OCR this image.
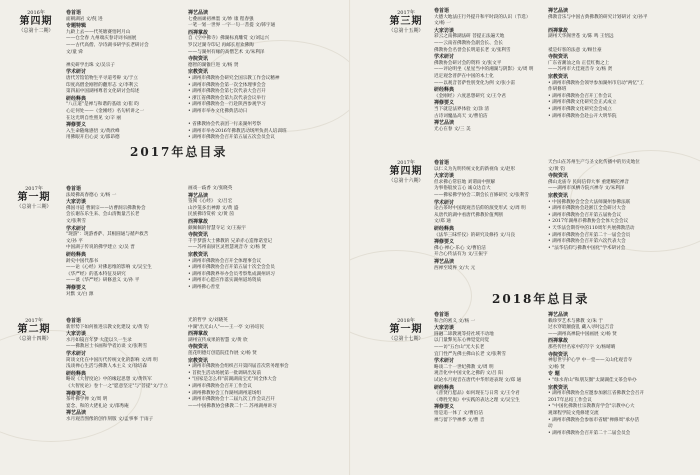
2016年
第四期
（总第十二期）
卷首语
面朝湖岩 文/倪 进
专题特辑
九龄上去——代英塘赛悟阿月山
——仓全春 九州端庆春诗词书画展
——古代高僧、孕诗湖书研学长老研讨会
文/童 舜

禅史研学出珠 文/吴宗子
学术研讨
唐代芳馆馆物生平寻道考辩 文/于立
印度高僧金刚智的翻形志 文/李利云
第四届中国湖州尊者文化研讨会综述
研经释典
"八正道"是禅与和谐的基础 文/崔 昀
心定何处——《金刚经》名句析讲之一
在这光明自性照见 文/辛 丽
禅修要义
入生命随缘感悟 文/黄欣峰
用佛眼开启心灵 文/邵昂德
禅艺品读
七叠画顽初禅墨 文/妙 康 程春强
一笔一划一世界 一字一句一菩提 文/韩宇通
西禅掌故
自《空中佛寺》佛湖标真雕赏 文/刘运兴
罗汉过湖寺印记 再邮长眉欢佛陶
——与湖州有缘的高僧艺术 文/朱利泽
寺院资讯
德智的湖锥巨进 文/杨 贤
宗教资讯
• 湖州市佛教协会研究全国宗教工作会议精神
• 湖州市佛教协会第一次全体理事会会
• 湖州市佛教协会第七次代表大会召开
• 浙江省佛教协会第九次代表会议举行
• 湖州市佛教协会一行赴陕西参观学习
• 湖州市举办文化佛典活动日

• 省佛教协会代表团一行来湖州考察
• 湖州市举办2016年佛教活动场所负责人培训班
• 湖州市佛教协会召开第五届五次会员会议
2017年总目录
2017年
第一期
（总第十三期）
卷首语
法境佛高春德心 文/杨 一
大家访谈
佛国寻道 曹洞宗——访曹洞宗佛教协会
会长谢东乐生来、会山清衡量吉长老
文/张利雪
学术研讨
"现游"：现游香萨、其根圆通与循声救苦
文/孙 平
中国湖子传说的佛学建立 文/吴 晋
研经释典
龄史中国代都书
——论《心经》对佛思维的影响 文/吴宝生
《华严经》的基本特征及研究
——谈《华严经》研修意义 文/孙 平
禅修要义
对默 文/白 源
画戏一歧香 文/张晓英
禅艺品读
签阅《心经》 文/吕宏
山沙笼多出神源 文/黄 盛
民族佛诗赏析 文/黄 茵
西禅掌故
颇佩佩的智慧寺记 文/王振宇
寺院资讯
千手梦游大士佛教的 兄弟赤心造像诺堂记
——苏州南厨区灵智慧观音寺 文/杨 贤
宗教资讯
• 湖州市佛教协会召开全体理事会议
• 湖州市佛教协会召开第五届十次全会会员
• 湖州市佛教界举办会员考察集成湖州讲习
• 湖州市心愿应作落实湖州道场资质
• 湖州佛心善堂
2017年
第二期
（总第十四期）
卷首语
新形势下如何推进宗教文化建设 文/黄 钧
大家访谈
水月如镜百年梦 大能以久一生录
——佛教居士书画和学者访谈 文/张利雪
学术研讨
简谈文化在中国历代传统文化的影响 文/周 明
浅谈禅心生活与佛教人本主义 文/徐培森
研经释典
略说《大智度论》中的缘起思想 文/黄铁军
《大智度论》卷十一之"愿意坚定"与"菩提"文/于立
禅修要义
茶叶佛学禅 文/周 明
宴念、和的大佬礼论 文/邵秀庵
禅艺品读
水月观音图像的创作刻版 文/孟事事 于雨子
光的哲学 文/刘晓英
中湖"出无山人"——王一亭 文/孙培民
西禅掌故
湖州宣传成果的智慧 文/黄 欣
寺院资讯
莲花明德灯创造院佳作展 文/杨 贤
宗教资讯
• 湖州市佛教协会组织召开第四届首次常务理事会
• 首批生活动场展第一批调研出发前
• "国家是怎么样"前湖湖南宝光"同全体大会
• 湖州市佛教协会召开工作会议
• 湖州佛教协会工作湖州湖州道场组
• 湖州市佛教协会十二届九次工作会议召开
——中国佛教协会佛教二十二 苏州湖州讲习
2017年
第三期
（总第十五期）
卷首语
大德大地法庄行外提升和平时段的认识（节选）
文/杨 一
大家访谈
彩云之南佛湖法研 菩提正法遍天地
——云南省佛教协会副会长、会长
佛教协会名誉会长明道长老 文/张利雪
学术研讨
佛教协会研讨会的资料 文/张文平
——评论明坐《星星当中的湘湖与阴影》文/周 明
迟定观念普萨在中国的本土化
——以观音菩萨性别变化为例 文/张小雷
研经释典
《金刚经》六度思想研究 文/王令君
禅修要义
当下就是法界体验 文/涂 清
古诗词魔晶高天 文/曹伯洁
禅艺品读
光心在春 文/三 美
禅艺品读
佛教音乐与中国古典佛教的研究计划研讨 文/孙平

西禅掌故
湖州天华阁世苍 文/陈 鸣 王悟远

祗是好客的法意 文/顾仕豪
寺院资讯
广东省潮汕之角 正佳红衡之上
——苏州市大佳观音寺 文/杨 贤
宗教资讯
• 湖州市佛教协会领导参加湖州市启动"两忆"工
作研修班
• 湖州市佛教协会召开工作会议
• 湖州市佛教文化研究会正式成立
• 湖州市佛教文化研究会会成立
• 湖州市佛教协会赴公开大明华院
2017年
第四期
（总第十六期）
卷首语
以仁义为先明传统文化的新视角 文/赵彤
大家访谈
但求佛心常驻地 刘谓雨中照解
为事俗般放言心 诚众达自大
——佛家佛学协会二期会长百修研究 文/张利雪
学术研讨
论古茶时中国现观音信仰的演变形式 文/周 明
从唐代的湖中看唐代佛教价值判断
文/郑 通
研经释典
《法华三昧忏仪》的研究及修持 文/马良
禅修要义
佛心·禅心·乐心 文/曹伯洁
开合心传法有为 文/王振宇
禅艺品读
西禅至境界 文/大 元
天台山在苏州生产与圣文化传播中的历史地位
文/黄 钧
寺院资讯
佛山龙庙寺 民间信仰大事 重建略陀禅音
——湖州市凤栖寺院兴禅寺 文/朱利泽
宗教资讯
• 中国佛教协会全会大法师湖州参佛法联
• 湖州市佛教协会赴浙江全会研讨大会
• 湖州市佛教协会召开第五届协会议
• 2017年湖州市佛教协会全体大会会议
• 天华法会期待中的110周年共展佛教活动
• 湖州市佛教协会召开第二十一届会会员
• 湖州市佛教协会召开第六次代表大会
• "法华信仰与佛教中国化"学术研讨会
2018年总目录
2018年
第一期
（总第十七期）
卷首语
和合的密义 文/杨 一
大家访谈
圆融二谛教观等持社域不动地
以门量弊见东心禅觉觉问觉
——访"五台山"光大长老
宜门性严先佛主佛山长老 文/张利雪
学术研讨
略谈二十一世纪佛教 文/周 明
观音化中中国文化之佛的 文/吕 阳
试论水月观音在唐代中华形迹表现 文/郑 通
研经释典
《普贤行愿品》如何现在与日常 文/王令君
《尊胜咒偈》中实践的表达之理 文/吴宝生
禅修要义
悟是追一体了 文/曹伯洁
禅与留下学禅季 文/曹 音
禅艺品读
赖珍罗艺术与佛教 文/朱 于
过水穿暗颠旋乱 藏入寻时远吉音
——湖州高禅院中国画展 文/杨 贤
西禅掌故
那些传世名家中的写字 文/杨晴晴
寺院资讯
神思世宇护心学 中一堂——义山化观音寺
文/杨 贤
专 题
• "绿水青山"和朋友圈"太湖湖佳文茶会举办
宗教资讯
• 湖州市佛教协会应邀参加浙江省佛教全会召开
2017年总结工作会议
• "中国化佛教社宗教教育学会"宗教中心大
观课程学院文苑修建交流
• 湖州市佛教协会参加市省级"禅修周"承办活
动
• 湖州市佛教协会召开第二十二届会员会
